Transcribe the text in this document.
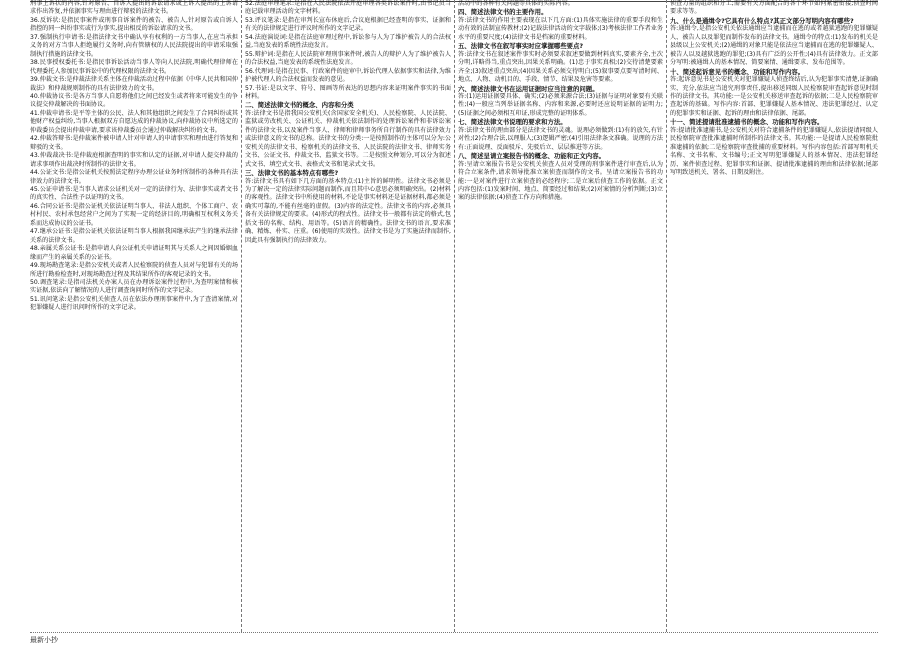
刑事上诉状的内容,针对原告、自诉人提出的诉讼请求或上诉人提出的上诉请求作出答复,并依据事实与理由进行辩驳的法律文书。

36.反诉状:是指民事案件或刑事自诉案件的被告、被告人,针对原告或自诉人指控的同一纠纷事实或行为事实,提出相反的诉讼请求的文书。

37.强制执行申请书:是指法律文书中确认享有权利的一方当事人,在应当承担义务的对方当事人拒绝履行义务时,向有管辖权的人民法院提出的申请采取强制执行措施的法律文书。

38.民事授权委托书:是指民事诉讼活动当事人等向人民法院,明确代理律师在代理委托人参加民事诉讼中的代理权限的法律文书。

39.仲裁文书:是仲裁法律关系主体在仲裁活动过程中依据《中华人民共和国仲裁法》和仲裁规则制作的具有法律效力的文书。

40.仲裁协议书:是各方当事人自愿将他们之间已经发生或者将来可能发生的争议提交仲裁解决的书面协议。

41.仲裁申请书:是平等主体的公民、法人和其他组织之间发生了合同纠纷或其他财产权益纠纷,当事人根据双方自愿达成的仲裁协议,向仲裁协议中所选定的仲裁委员会提出仲裁申请,要求该仲裁委员会通过仲裁解决纠纷的文书。

42.仲裁答辩书:是仲裁案件被申请人针对申请人的申请事实和理由进行答复和辩驳的文书。

43.仲裁裁决书:是仲裁庭根据查明的事实和认定的证据,对申请人提交仲裁的请求事项作出裁决时所制作的法律文书。

44.公证文书:是指公证机关按照法定程序办理公证业务时所制作的各种具有法律效力的法律文书。

45.公证申请书:是当事人请求公证机关对一定的法律行为、法律事实或者文书的真实性、合法性予以证明的文书。

46.合同公证书:是指公证机关依法证明当事人、非法人组织、个体工商户、农村村民、农村承包经营户之间为了实现一定的经济目的,明确相互权利义务关系而达成协议的公证书。

47.继承公证书:是指公证机关依法证明当事人根据我国继承法产生的继承法律关系的法律文书。

48.亲属关系公证书:是指申请人向公证机关申请证明其与关系人之间因婚姻血缘而产生的亲属关系的公证书。

49.现场勘查笔录:是指公安机关或者人民检察院的侦查人员对与犯罪有关的场所进行勘验检查时,对现场勘查过程及其结果所作的客观记录的文书。

50.调查笔录:是指司法机关办案人员在办理诉讼案件过程中,为查明案情和核实证据,依法向了解情况的人进行调查询问时所作的文字记录。

51.讯问笔录:是指公安机关侦查人员在依法办理刑事案件中,为了查清案情,对犯罪嫌疑人进行讯问时所作的文字记录。

52.法庭审理笔录:是指在人民法院依法开庭审理各类诉讼案件时,由书记员当庭记载审理活动的文字材料。

53.评议笔录:是指在审判长宣布休庭后,合议庭根据已经查明的事实、证据和有关的法律规定进行评议时所作的文字记录。

54.法庭演说词:是指在法庭审理过程中,诉讼参与人为了维护被告人的合法权益,当庭发表的系统性法庭发言。

55.辩护词:是指在人民法院审理刑事案件时,被告人的辩护人为了维护被告人的合法权益,当庭发表的系统性法庭发言。

56.代理词:是指在民事、行政案件的庭审中,诉讼代理人依据事实和法律,为维护被代理人的合法权益而发表的意见。

57.书证:是以文字、符号、图画等所表达的思想内容来证明案件事实的书面材料。

二、简述法律文书的概念、内容和分类

答:法律文书是指我国公安机关(含国家安全机关)、人民检察院、人民法院、监狱或劳改机关、公证机关、仲裁机关依法制作的处理诉讼案件和非诉讼案件的法律文书,以及案件当事人、律师和律师事务所自行制作的具有法律效力或法律意义的文书的总称。法律文书的分类:一是按照制作的主体可以分为:公安机关的法律文书、检察机关的法律文书、人民法院的法律文书、律师实务文书、公证文书、仲裁文书、监狱文书等。二是按照文种划分,可以分为叙述式文书、填空式文书、表格式文书和笔录式文书。

三、法律文书的基本特点有哪些?

答:法律文书具有如下几方面的基本特点:(1)主旨的鲜明性。法律文书必须是为了解决一定的法律实际问题而制作,而且其中心意思必须明确突出。(2)材料的客观性。法律文书中所使用的材料,不论是事实材料还是证据材料,都必须是确实可靠的,不能有丝毫的虚假。(3)内容的法定性。法律文书的内容,必须具备有关法律规定的要求。(4)形式的程式性。法律文书一般都有法定的格式,包括文书的名称、结构、用语等。(5)语言的精确性。法律文书的语言,要求准确、精炼、朴实、庄重。(6)使用的实效性。法律文书是为了实施法律而制作,因此具有强制执行的法律效力。

活动中的各种有关问题等具体的实际内容。

四、简述法律文书的主要作用。

答:法律文书的作用主要表现在以下几方面:(1)具体实施法律的重要手段和生动有效的法制宣传教材;(2)记载法律活动的文字载体;(3)考核法律工作者业务水平的重要尺度;(4)法律文书是档案的重要材料。

五、法律文书在叙写事实时应掌握哪些要点?

答:法律文书在叙述案件事实时必须要求叙述要做到材料真实,要素齐全,主次分明,详略得当,重点突出,因果关系明确。(1)忠于事实真相;(2)交待清楚要素齐全;(3)叙述重点突出;(4)因果关系必须交待明白;(5)叙事要点要写清时间、地点、人物、动机目的、手段、情节、结果及危害等要素。

六、简述法律文书在运用证据时应当注意的问题。

答:(1)运用证据要具体、确实;(2)必须来源合法;(3)证据与证明对象要有关联性;(4)一般应当列举证据名称、内容和来源,必要时还应说明证据的证明力;(5)证据之间必须相互印证,形成完整的证明体系。

七、简述法律文书说理的要求和方法。

答:法律文书的理由部分是法律文书的灵魂。说理必须做到:(1)有的放矢,有针对性;(2)合理合法,以理服人;(3)逻辑严密;(4)引用法律条文准确。说理的方法有:正面说理、反面驳斥、先驳后立、层层推进等方法。

八、简述呈请立案报告书的概念、功能和正文内容。

答:呈请立案报告书是公安机关侦查人员对受理的刑事案件进行审查后,认为符合立案条件,请求领导批准立案侦查而制作的文书。呈请立案报告书的功能:一是对案件进行立案侦查的必经程序;二是立案后侦查工作的依据。正文内容包括:(1)发案时间、地点、简要经过和结果;(2)对案情的分析判断;(3)立案的法律依据;(4)侦查工作方向和措施。

侦查力量的组织和分工;需要有关方面配合的各个环节如何紧密衔接;侦查时间要求等等。

九、什么是通缉令?它具有什么特点?其正文部分写明内容有哪些?

答:通缉令,是指公安机关依法通缉应当逮捕而在逃的或者越狱逃跑的犯罪嫌疑人、被告人以及罪犯而制作发布的法律文书。通缉令的特点:(1)发布的机关是县级以上公安机关;(2)通缉的对象只能是依法应当逮捕而在逃的犯罪嫌疑人、被告人以及越狱逃跑的罪犯;(3)具有广泛的公开性;(4)具有法律效力。正文部分写明:被通缉人的基本情况、简要案情、通缉要求、发布范围等。

十、简述起诉意见书的概念、功能和写作内容。

答:起诉意见书是公安机关对犯罪嫌疑人侦查终结后,认为犯罪事实清楚,证据确实、充分,依法应当追究刑事责任,提出移送同级人民检察院审查起诉意见时制作的法律文书。其功能:一是公安机关移送审查起诉的依据;二是人民检察院审查起诉的基础。写作内容:首部、犯罪嫌疑人基本情况、违法犯罪经过、认定的犯罪事实和证据、起诉的理由和法律依据、尾部。

十一、简述提请批准逮捕书的概念、功能和写作内容。

答:提请批准逮捕书,是公安机关对符合逮捕条件的犯罪嫌疑人,依法提请同级人民检察院审查批准逮捕时所制作的法律文书。其功能:一是提请人民检察院批准逮捕的依据;二是检察院审查批捕的重要材料。写作内容包括:首部写明机关名称、文书名称、文书编号;正文写明犯罪嫌疑人的基本情况、违法犯罪经历、案件侦查过程、犯罪事实和证据、提请批准逮捕的理由和法律依据;尾部写明致送机关、署名、日期及附注。

最新小抄
